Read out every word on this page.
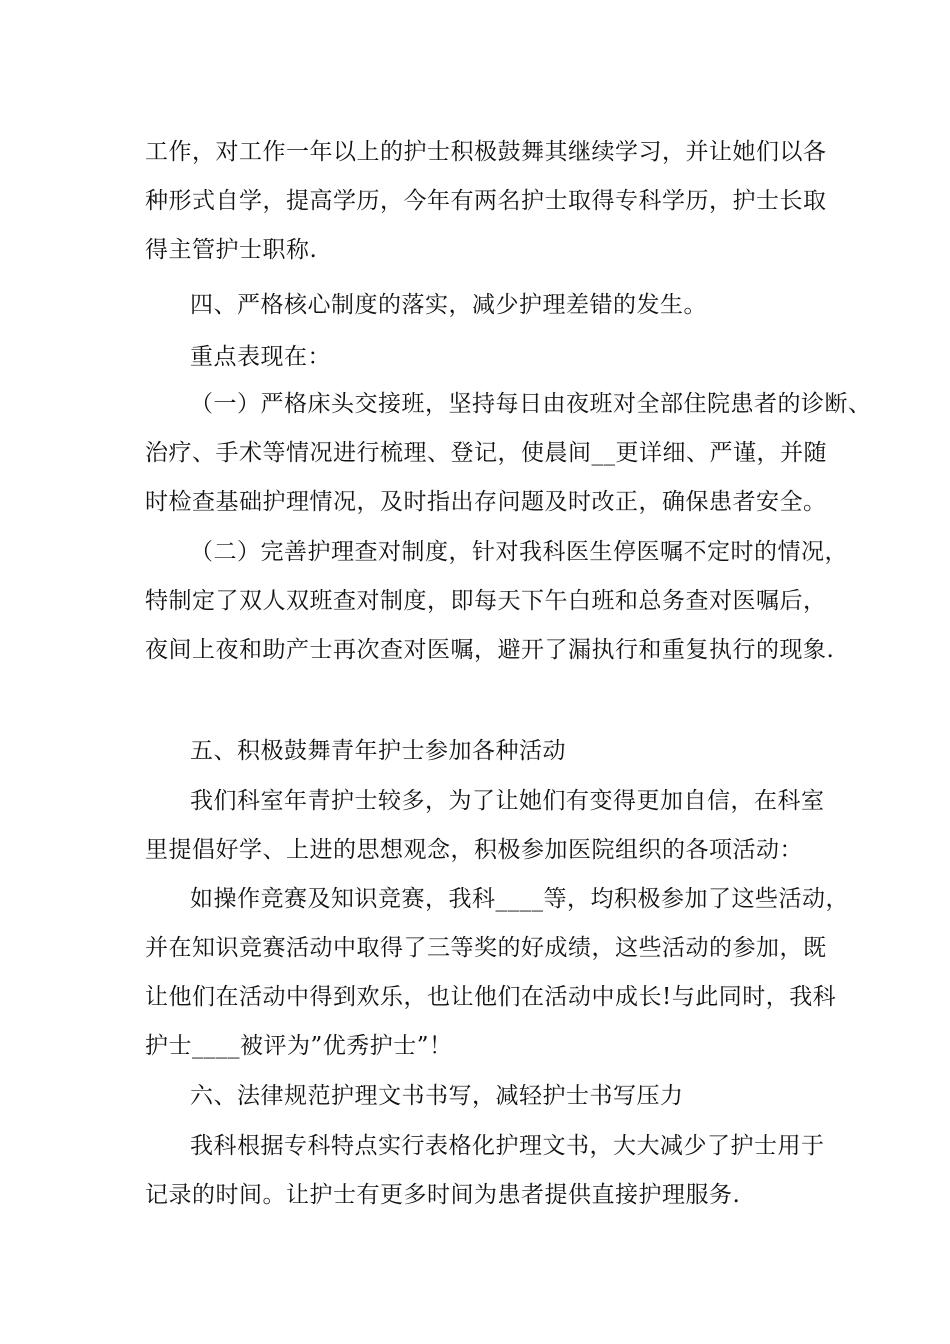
工作，对工作一年以上的护士积极鼓舞其继续学习，并让她们以各
种形式自学，提高学历，今年有两名护士取得专科学历，护士长取
得主管护士职称.
四、严格核心制度的落实，减少护理差错的发生。
重点表现在：
（一）严格床头交接班，坚持每日由夜班对全部住院患者的诊断、
治疗、手术等情况进行梳理、登记，使晨间__更详细、严谨，并随
时检查基础护理情况，及时指出存问题及时改正，确保患者安全。
（二）完善护理查对制度，针对我科医生停医嘱不定时的情况，
特制定了双人双班查对制度，即每天下午白班和总务查对医嘱后，
夜间上夜和助产士再次查对医嘱，避开了漏执行和重复执行的现象.
五、积极鼓舞青年护士参加各种活动
我们科室年青护士较多，为了让她们有变得更加自信，在科室
里提倡好学、上进的思想观念，积极参加医院组织的各项活动：
如操作竞赛及知识竞赛，我科____等，均积极参加了这些活动，
并在知识竞赛活动中取得了三等奖的好成绩，这些活动的参加，既
让他们在活动中得到欢乐，也让他们在活动中成长!与此同时，我科
护士____被评为”优秀护士”！
六、法律规范护理文书书写，减轻护士书写压力
我科根据专科特点实行表格化护理文书，大大减少了护士用于
记录的时间。让护士有更多时间为患者提供直接护理服务.
